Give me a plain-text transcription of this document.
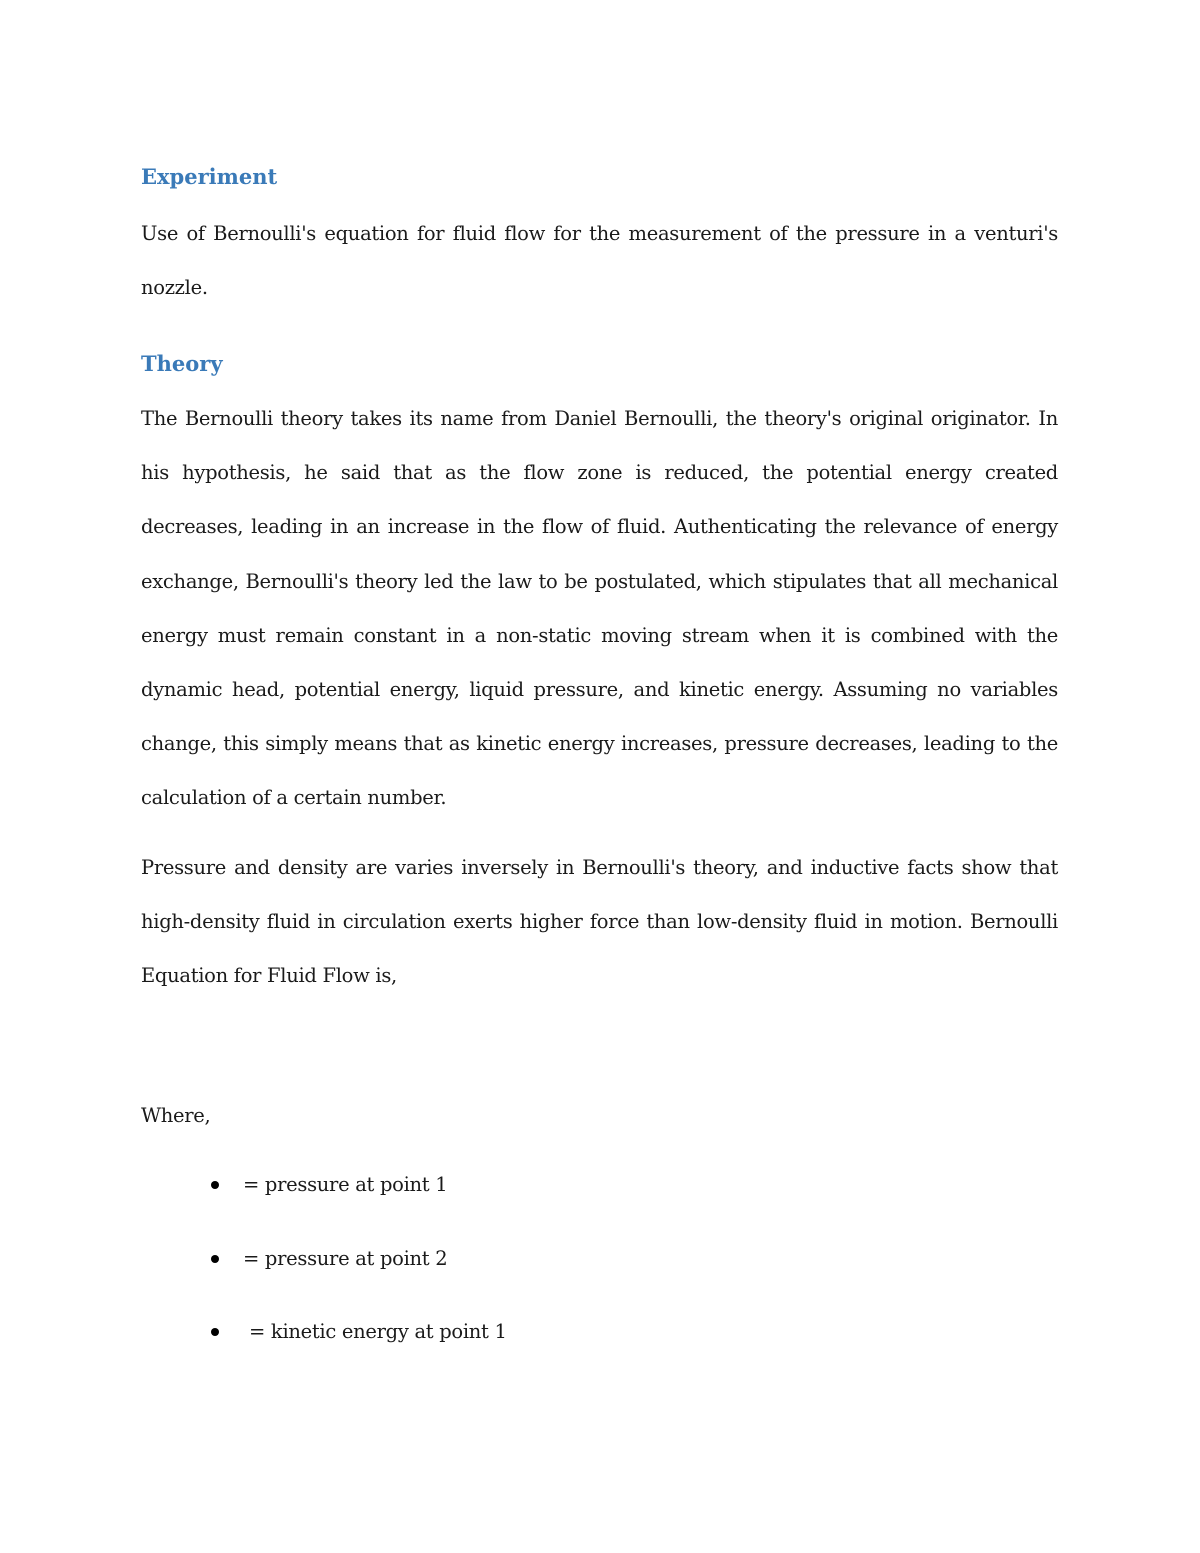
Experiment

Use of Bernoulli's equation for fluid flow for the measurement of the pressure in a venturi's nozzle.

Theory

The Bernoulli theory takes its name from Daniel Bernoulli, the theory's original originator. In his hypothesis, he said that as the flow zone is reduced, the potential energy created decreases, leading in an increase in the flow of fluid. Authenticating the relevance of energy exchange, Bernoulli's theory led the law to be postulated, which stipulates that all mechanical energy must remain constant in a non-static moving stream when it is combined with the dynamic head, potential energy, liquid pressure, and kinetic energy. Assuming no variables change, this simply means that as kinetic energy increases, pressure decreases, leading to the calculation of a certain number.

Pressure and density are varies inversely in Bernoulli's theory, and inductive facts show that high-density fluid in circulation exerts higher force than low-density fluid in motion. Bernoulli Equation for Fluid Flow is,

Where,

= pressure at point 1
= pressure at point 2
= kinetic energy at point 1
